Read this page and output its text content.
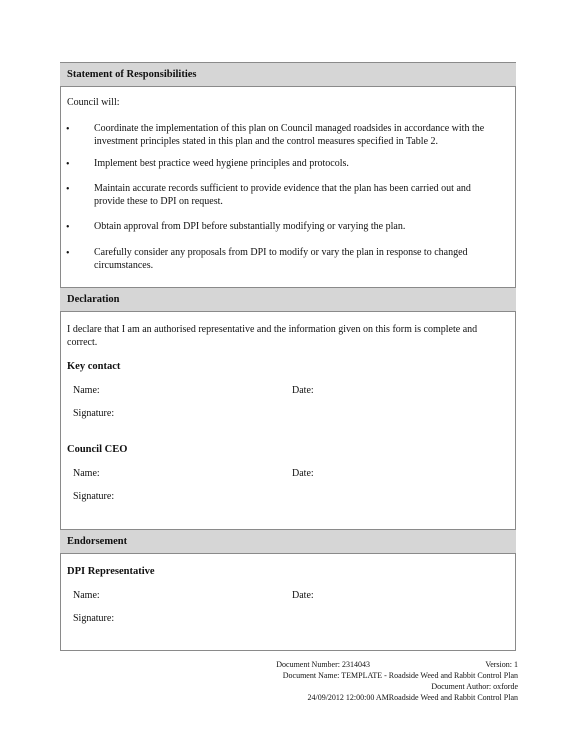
Statement of Responsibilities
Council will:
• Coordinate the implementation of this plan on Council managed roadsides in accordance with the
investment principles stated in this plan and the control measures specified in Table 2.
• Implement best practice weed hygiene principles and protocols.
• Maintain accurate records sufficient to provide evidence that the plan has been carried out and
provide these to DPI on request.
• Obtain approval from DPI before substantially modifying or varying the plan.
• Carefully consider any proposals from DPI to modify or vary the plan in response to changed
circumstances.
Declaration
I declare that I am an authorised representative and the information given on this form is complete and
correct.
Key contact
Name:	Date:
Signature:
Council CEO
Name:	Date:
Signature:
Endorsement
DPI Representative
Name:	Date:
Signature:
Document Number: 2314043	Version: 1
Document Name: TEMPLATE - Roadside Weed and Rabbit Control Plan
Document Author: oxforde
24/09/2012 12:00:00 AMRoadside Weed and Rabbit Control Plan
